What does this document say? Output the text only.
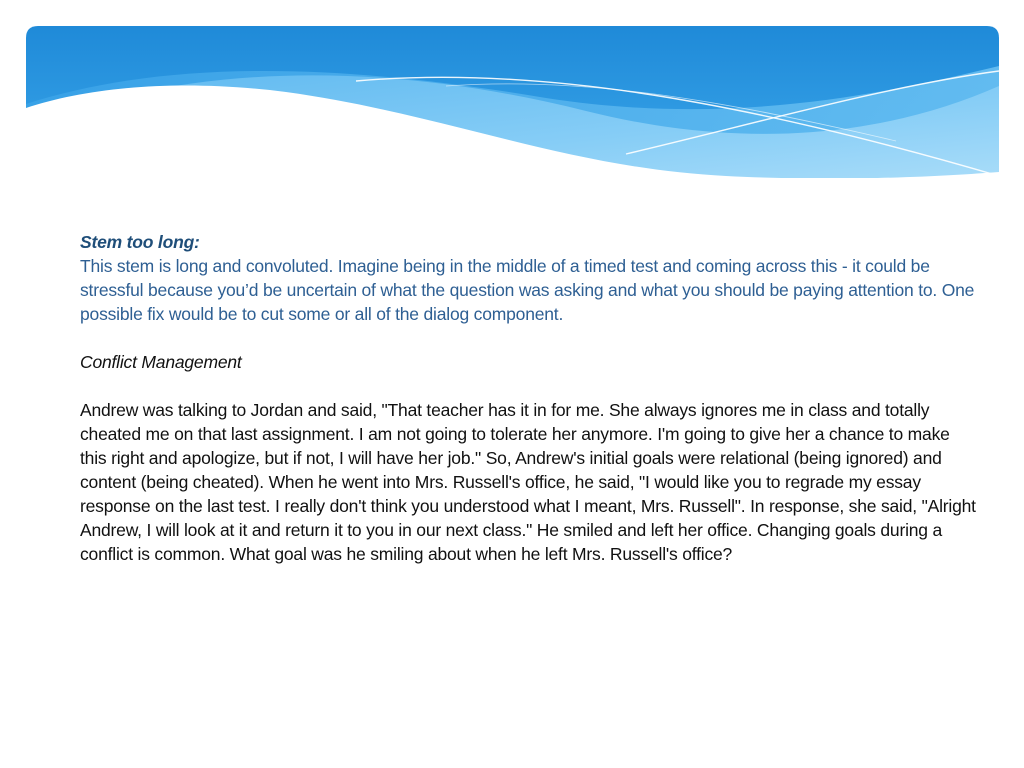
Stem too long:

This stem is long and convoluted. Imagine being in the middle of a timed test and coming across this - it could be stressful because you’d be uncertain of what the question was asking and what you should be paying attention to. One possible fix would be to cut some or all of the dialog component.

Conflict Management

Andrew was talking to Jordan and said, "That teacher has it in for me. She always ignores me in class and totally cheated me on that last assignment. I am not going to tolerate her anymore. I'm going to give her a chance to make this right and apologize, but if not, I will have her job." So, Andrew's initial goals were relational (being ignored) and content (being cheated). When he went into Mrs. Russell's office, he said, "I would like you to regrade my essay response on the last test. I really don't think you understood what I meant, Mrs. Russell". In response, she said, "Alright Andrew, I will look at it and return it to you in our next class." He smiled and left her office. Changing goals during a conflict is common. What goal was he smiling about when he left Mrs. Russell's office?
